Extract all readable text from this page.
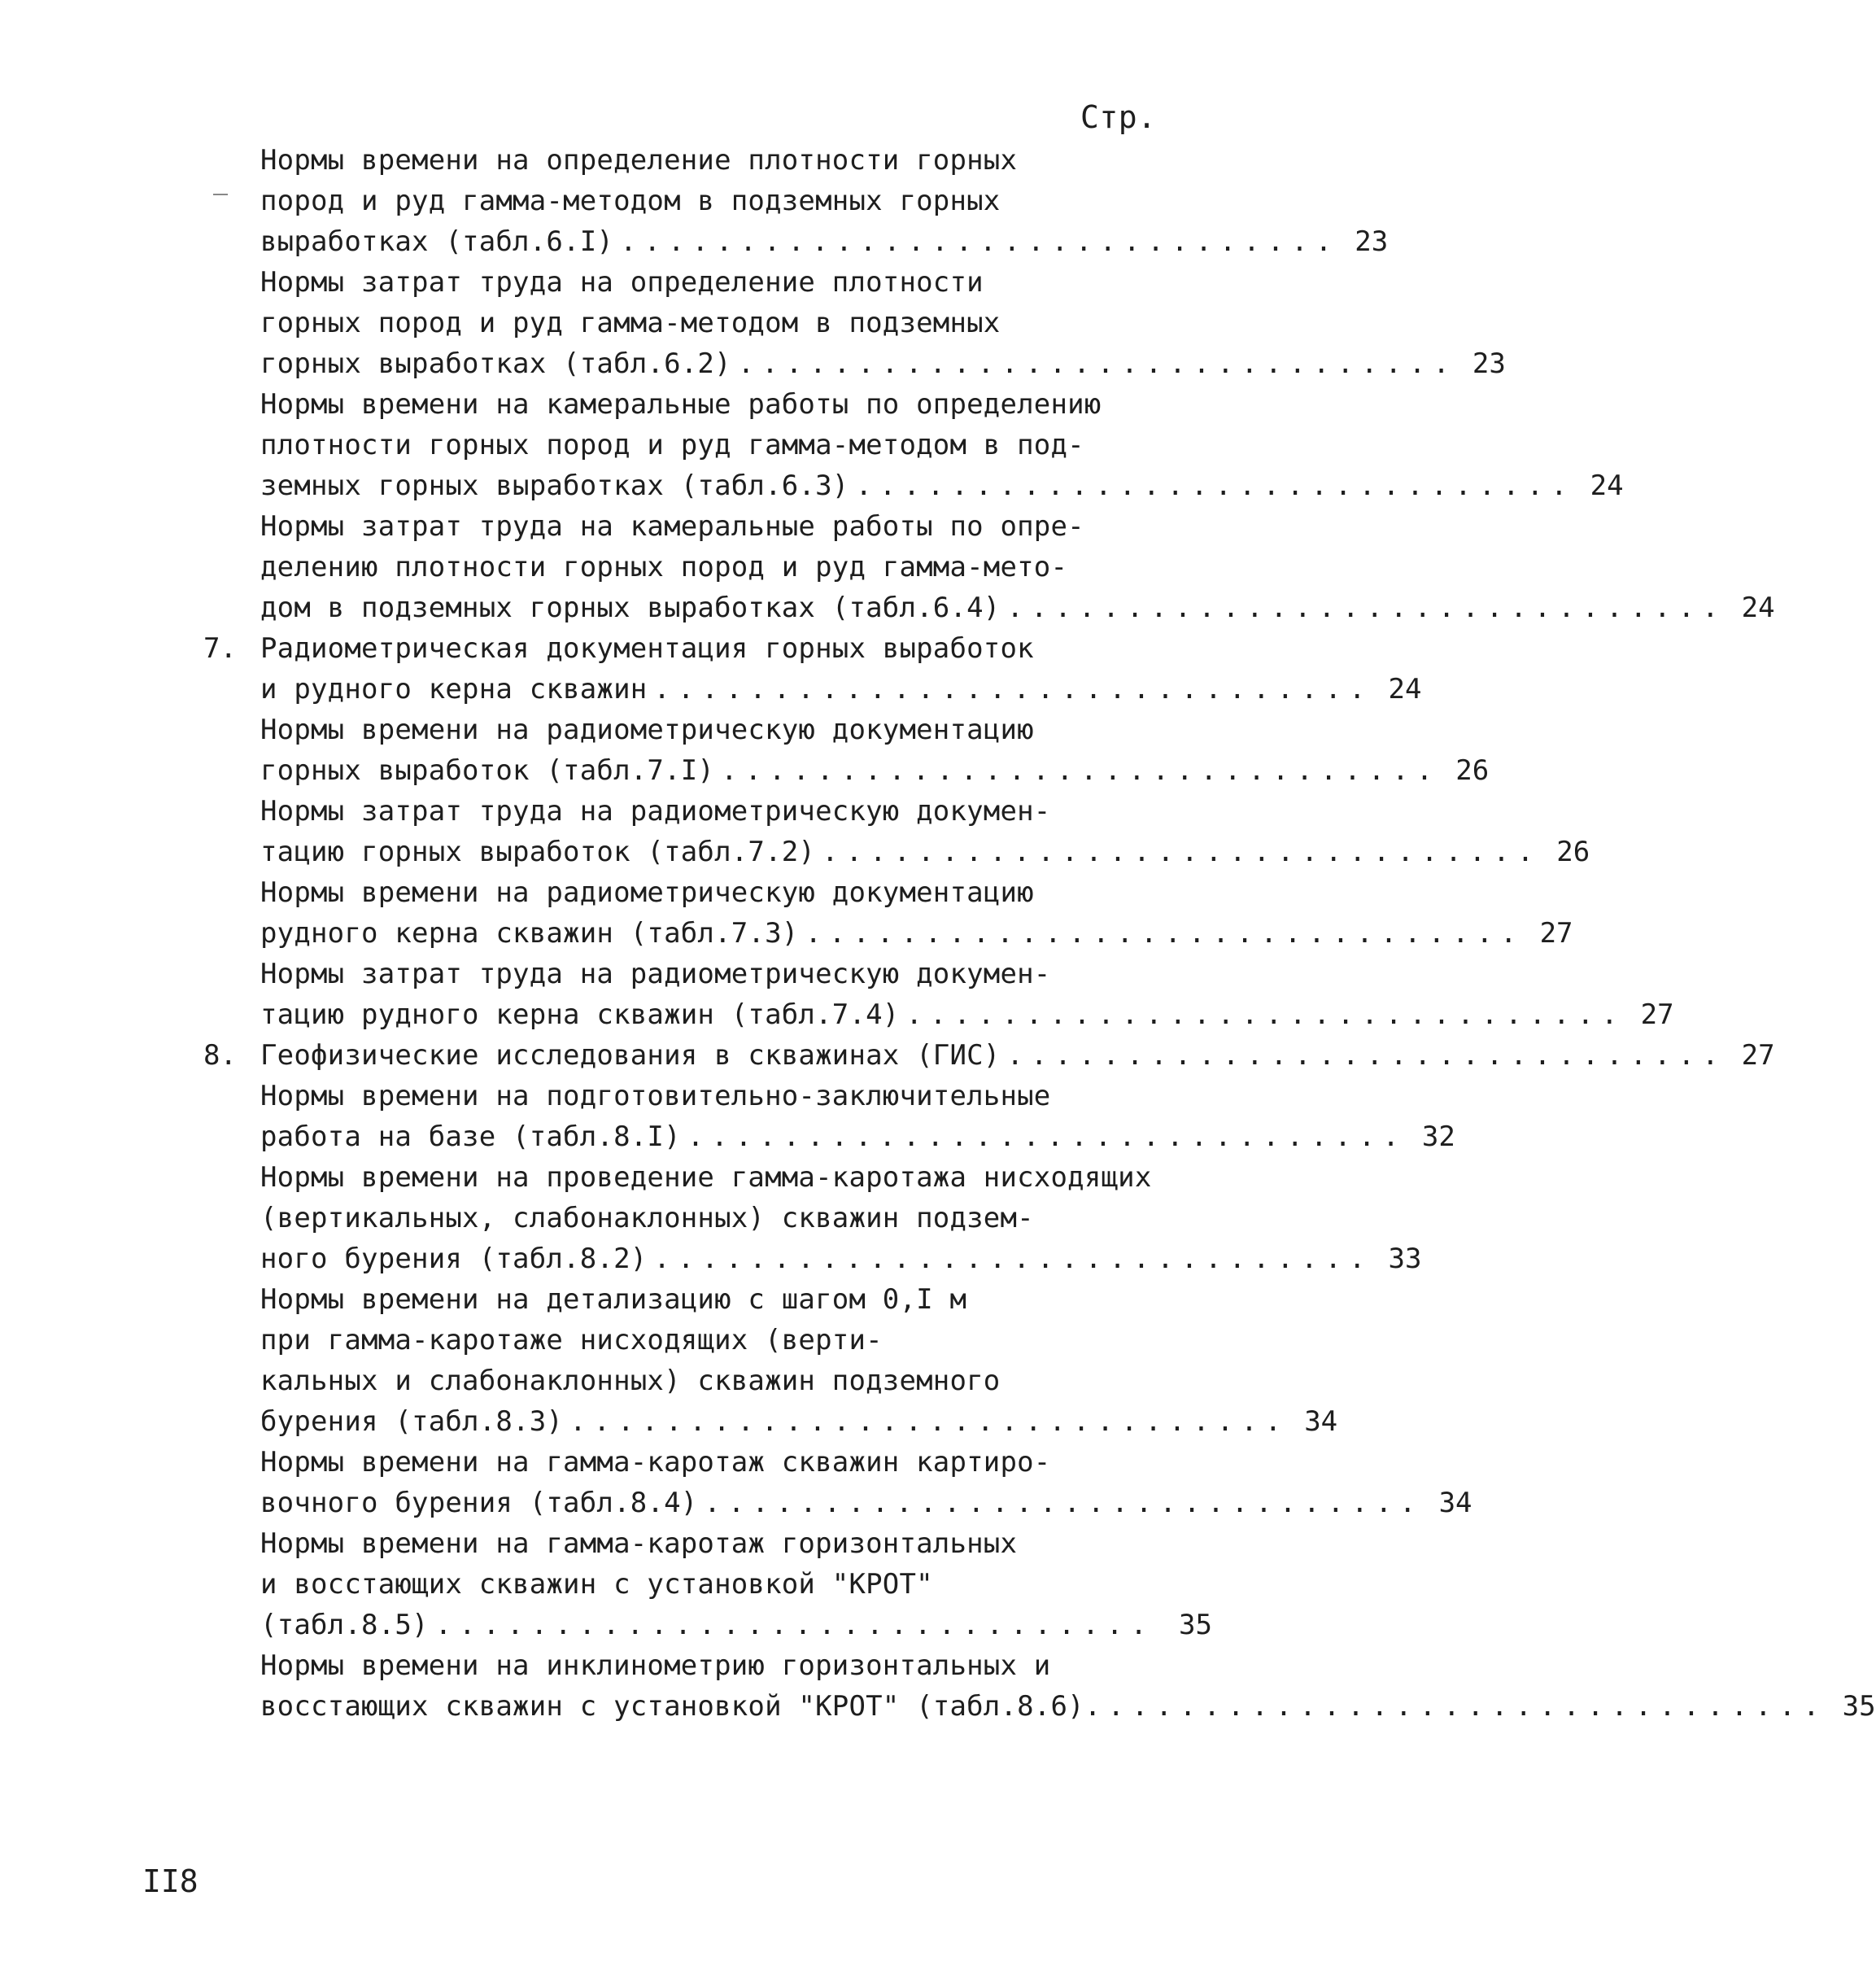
Стр.
Нормы времени на определение плотности горных
пород и руд гамма-методом в подземных горных
выработках (табл.6.I) .............................. 23
Нормы затрат труда на определение плотности
горных пород и руд гамма-методом в подземных
горных выработках (табл.6.2) .............................. 23
Нормы времени на камеральные работы по определению
плотности горных пород и руд гамма-методом в под-
земных горных выработках (табл.6.3) .............................. 24
Нормы затрат труда на камеральные работы по опре-
делению плотности горных пород и руд гамма-мето-
дом в подземных горных выработках (табл.6.4) .............................. 24
7. Радиометрическая документация горных выработок
и рудного керна скважин .............................. 24
Нормы времени на радиометрическую документацию
горных выработок (табл.7.I) .............................. 26
Нормы затрат труда на радиометрическую докумен-
тацию горных выработок (табл.7.2) .............................. 26
Нормы времени на радиометрическую документацию
рудного керна скважин (табл.7.3) .............................. 27
Нормы затрат труда на радиометрическую докумен-
тацию рудного керна скважин (табл.7.4) .............................. 27
8. Геофизические исследования в скважинах (ГИС) .............................. 27
Нормы времени на подготовительно-заключительные
работа на базе (табл.8.I) .............................. 32
Нормы времени на проведение гамма-каротажа нисходящих
(вертикальных, слабонаклонных) скважин подзем-
ного бурения (табл.8.2) .............................. 33
Нормы времени на детализацию с шагом 0,I м
при гамма-каротаже нисходящих (верти-
кальных и слабонаклонных) скважин подземного
бурения (табл.8.3) .............................. 34
Нормы времени на гамма-каротаж скважин картиро-
вочного бурения (табл.8.4) .............................. 34
Нормы времени на гамма-каротаж горизонтальных
и восстающих скважин с установкой "КРОТ"
(табл.8.5) .............................. 35
Нормы времени на инклинометрию горизонтальных и
восстающих скважин с установкой "КРОТ" (табл.8.6). .............................. 35
II8
